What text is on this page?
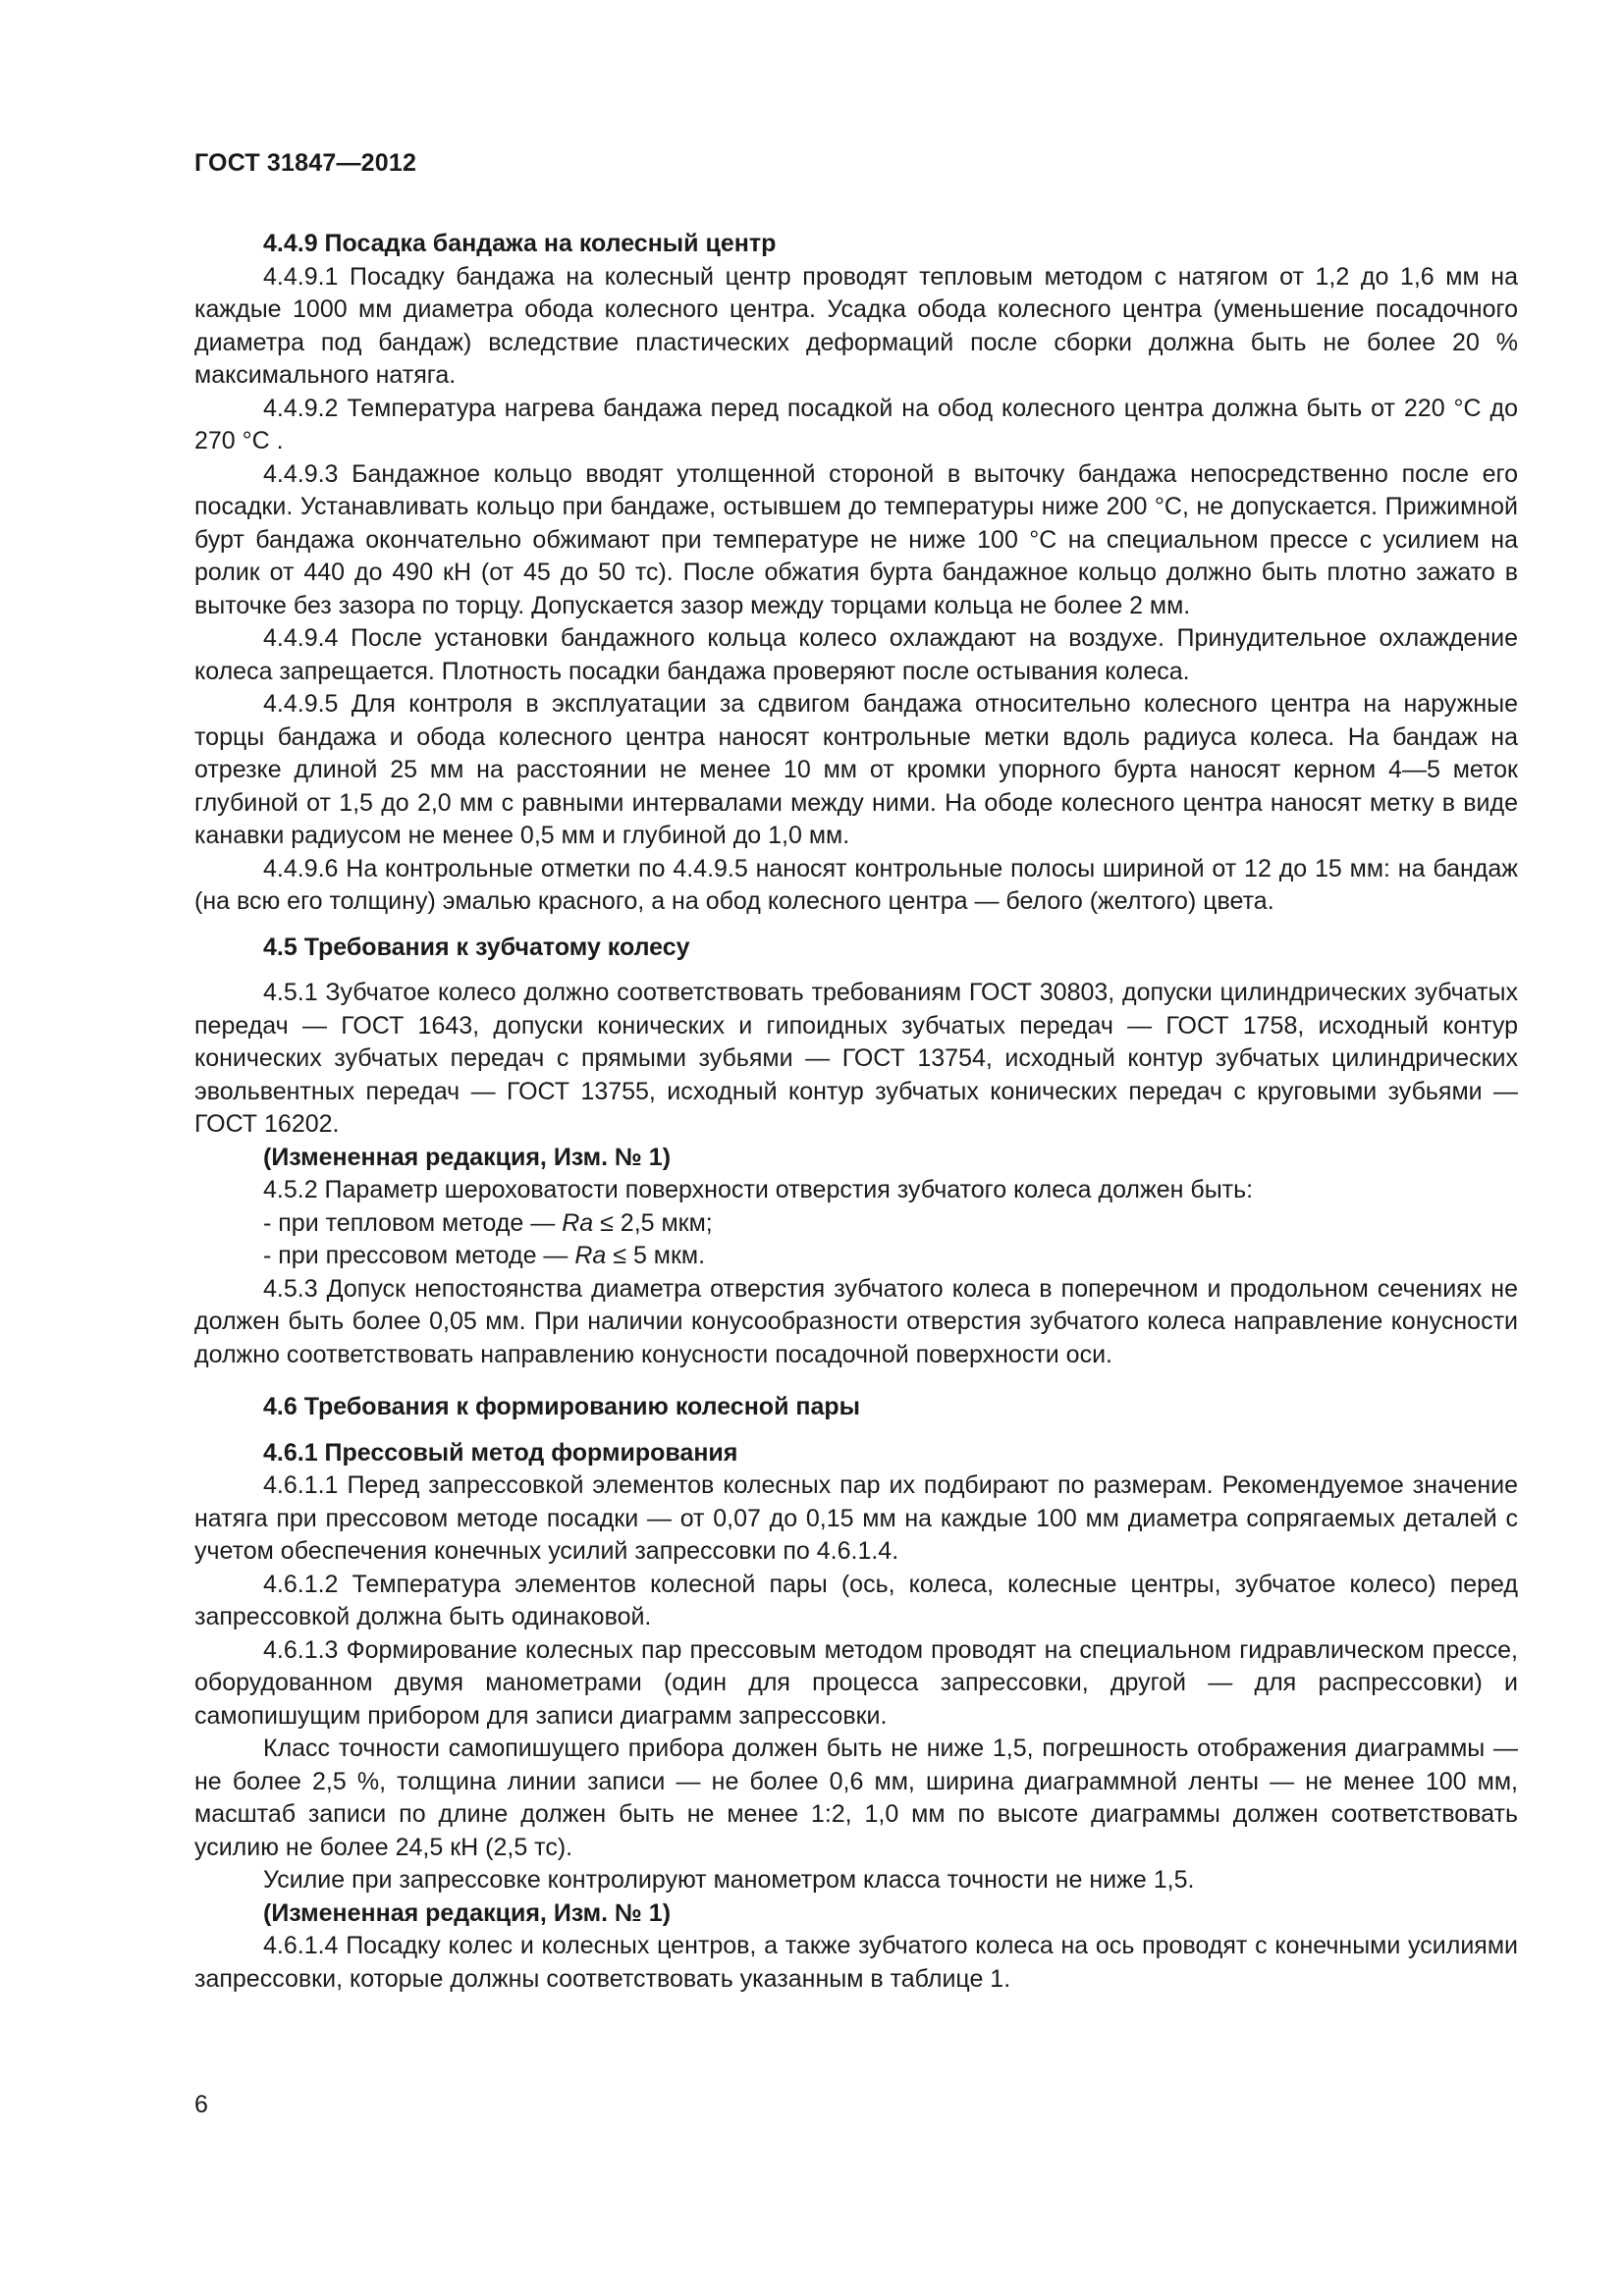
ГОСТ 31847—2012
4.4.9 Посадка бандажа на колесный центр

4.4.9.1 Посадку бандажа на колесный центр проводят тепловым методом с натягом от 1,2 до 1,6 мм на каждые 1000 мм диаметра обода колесного центра. Усадка обода колесного центра (уменьшение посадочного диаметра под бандаж) вследствие пластических деформаций после сборки должна быть не более 20 % максимального натяга.

4.4.9.2 Температура нагрева бандажа перед посадкой на обод колесного центра должна быть от 220 °C до 270 °C .

4.4.9.3 Бандажное кольцо вводят утолщенной стороной в выточку бандажа непосредственно после его посадки. Устанавливать кольцо при бандаже, остывшем до температуры ниже 200 °C, не допускается. Прижимной бурт бандажа окончательно обжимают при температуре не ниже 100 °C на специальном прессе с усилием на ролик от 440 до 490 кН (от 45 до 50 тс). После обжатия бурта бандажное кольцо должно быть плотно зажато в выточке без зазора по торцу. Допускается зазор между торцами кольца не более 2 мм.

4.4.9.4 После установки бандажного кольца колесо охлаждают на воздухе. Принудительное охлаждение колеса запрещается. Плотность посадки бандажа проверяют после остывания колеса.

4.4.9.5 Для контроля в эксплуатации за сдвигом бандажа относительно колесного центра на наружные торцы бандажа и обода колесного центра наносят контрольные метки вдоль радиуса колеса. На бандаж на отрезке длиной 25 мм на расстоянии не менее 10 мм от кромки упорного бурта наносят керном 4—5 меток глубиной от 1,5 до 2,0 мм с равными интервалами между ними. На ободе колесного центра наносят метку в виде канавки радиусом не менее 0,5 мм и глубиной до 1,0 мм.

4.4.9.6 На контрольные отметки по 4.4.9.5 наносят контрольные полосы шириной от 12 до 15 мм: на бандаж (на всю его толщину) эмалью красного, а на обод колесного центра — белого (желтого) цвета.

4.5 Требования к зубчатому колесу

4.5.1 Зубчатое колесо должно соответствовать требованиям ГОСТ 30803, допуски цилиндрических зубчатых передач — ГОСТ 1643, допуски конических и гипоидных зубчатых передач — ГОСТ 1758, исходный контур конических зубчатых передач с прямыми зубьями — ГОСТ 13754, исходный контур зубчатых цилиндрических эвольвентных передач — ГОСТ 13755, исходный контур зубчатых конических передач с круговыми зубьями — ГОСТ 16202.

(Измененная редакция, Изм. № 1)

4.5.2 Параметр шероховатости поверхности отверстия зубчатого колеса должен быть:

- при тепловом методе — Ra ≤ 2,5 мкм;

- при прессовом методе — Ra ≤ 5 мкм.

4.5.3 Допуск непостоянства диаметра отверстия зубчатого колеса в поперечном и продольном сечениях не должен быть более 0,05 мм. При наличии конусообразности отверстия зубчатого колеса направление конусности должно соответствовать направлению конусности посадочной поверхности оси.

4.6 Требования к формированию колесной пары
4.6.1 Прессовый метод формирования

4.6.1.1 Перед запрессовкой элементов колесных пар их подбирают по размерам. Рекомендуемое значение натяга при прессовом методе посадки — от 0,07 до 0,15 мм на каждые 100 мм диаметра сопрягаемых деталей с учетом обеспечения конечных усилий запрессовки по 4.6.1.4.

4.6.1.2 Температура элементов колесной пары (ось, колеса, колесные центры, зубчатое колесо) перед запрессовкой должна быть одинаковой.

4.6.1.3 Формирование колесных пар прессовым методом проводят на специальном гидравлическом прессе, оборудованном двумя манометрами (один для процесса запрессовки, другой — для распрессовки) и самопишущим прибором для записи диаграмм запрессовки.

Класс точности самопишущего прибора должен быть не ниже 1,5, погрешность отображения диаграммы — не более 2,5 %, толщина линии записи — не более 0,6 мм, ширина диаграммной ленты — не менее 100 мм, масштаб записи по длине должен быть не менее 1:2, 1,0 мм по высоте диаграммы должен соответствовать усилию не более 24,5 кН (2,5 тс).

Усилие при запрессовке контролируют манометром класса точности не ниже 1,5.

(Измененная редакция, Изм. № 1)

4.6.1.4 Посадку колес и колесных центров, а также зубчатого колеса на ось проводят с конечными усилиями запрессовки, которые должны соответствовать указанным в таблице 1.

6
